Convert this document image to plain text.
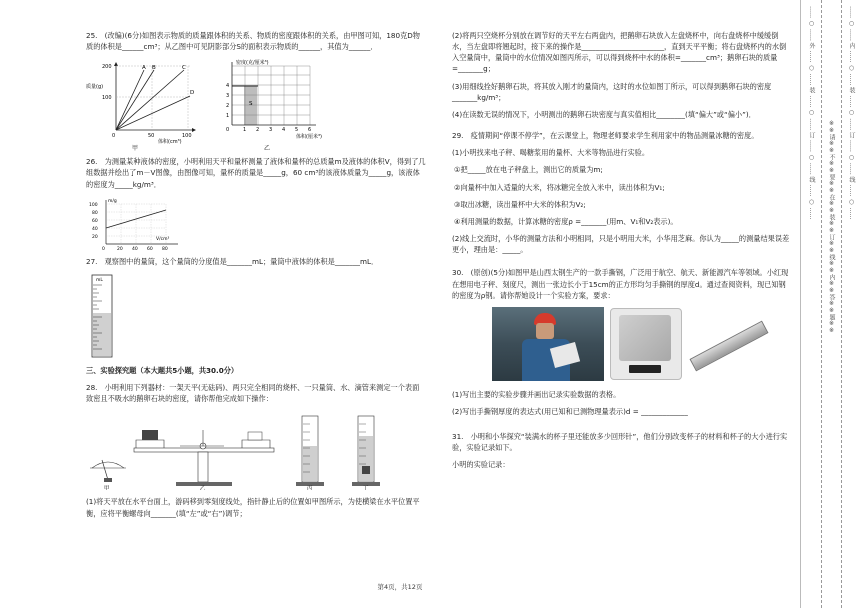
25.　(改编)(6分)如图表示物质的质量跟体积的关系、物质的密度跟体积的关系，由甲图可知，180克D物质的体积是______cm³；从乙图中可见阴影部分S的面积表示物质的______，其值为______．

A B	C
D
200
100
0	50	100
质量(g)
体积(cm³)
甲
S
4
3
2
1
0	1 2 3 4 5 6
密度(克/厘米³)
体积(厘米³)
乙

26.　为测量某种液体的密度，小明利用天平和量杯测量了液体和量杯的总质量m及液体的体积V，得到了几组数据并绘出了m－V图像，由图像可知，量杯的质量是_____g，60 cm³的该液体质量为_____g，该液体的密度为_____kg/m³．

100
80
60
40
20
0	20 40 60 80
m/g
V/cm³

27.　观察图中的量筒，这个量筒的分度值是_______mL；量筒中液体的体积是_______mL．

mL

三、实验探究题（本大题共5小题，共30.0分）

28.　小明利用下列器材：一架天平(无砝码)、两只完全相同的烧杯、一只量筒、水、滴管来测定一个表面致密且不吸水的鹅卵石块的密度，请你帮他完成如下操作：

甲	乙	丙	丁

(1)将天平放在水平台面上，游码移到零刻度线处，指针静止后的位置如甲图所示，为使横梁在水平位置平衡，应将平衡螺母向_______(填“左”或“右”)调节；

(2)将两只空烧杯分别放在调节好的天平左右两盘内，把鹅卵石块放入左盘烧杯中，向右盘烧杯中缓缓倒水，当左盘即将翘起时，接下来的操作是_______________________，直到天平平衡；将右盘烧杯内的水倒入空量筒中，量筒中的水位情况如图丙所示，可以得到烧杯中水的体积=_______cm³；鹅卵石块的质量=_______g；

(3)用细线拴好鹅卵石块，将其放入刚才的量筒内，这时的水位如图丁所示，可以得到鹅卵石块的密度_______kg/m³；

(4)在读数无误的情况下，小明测出的鹅卵石块密度与真实值相比________(填“偏大”或“偏小”)．

29.　疫情期间“停课不停学”，在云课堂上，物理老师要求学生利用家中的物品测量冰糖的密度。

(1)小明找来电子秤、喝糖浆用的量杯、大米等物品进行实验。

①把_____放在电子秤盘上，测出它的质量为m;

②向量杯中加入适量的大米，将冰糖完全放入米中，读出体积为V₁;

③取出冰糖，读出量杯中大米的体积为V₂;

④利用测量的数据，计算冰糖的密度ρ =_______(用m、V₁和V₂表示)。

(2)线上交流时，小华的测量方法和小明相同，只是小明用大米，小华用芝麻。你认为_____的测量结果误差更小，理由是：_____。

30.　(原创)(5分)如图甲是山西太钢生产的一款手撕钢，广泛用于航空、航天、新能源汽车等领域。小红现在想用电子秤、刻度尺，测出一张边长小于15cm的正方形均匀手撕钢的厚度d。通过查阅资料，现已知钢的密度为ρ钢。请你帮她设计一个实验方案，要求：

(1)写出主要的实验步骤并画出记录实验数据的表格。

(2)写出手撕钢厚度的表达式(用已知和已测物理量表示)d = _____________

31.　小明和小华探究“装满水的杯子里还能放多少回形针”，他们分别改变杯子的材料和杯子的大小进行实验，实验记录如下。

小明的实验记录：

第4页，共12页
…… ○ …… 外 …… ○ …… 装 …… ○ …… 订 …… ○ …… 线 …… ○ ……
※※请※※不※※要※※在※※装※※订※※线※※内※※答※※题※※
…… ○ …… 内 …… ○ …… 装 …… ○ …… 订 …… ○ …… 线 …… ○ ……
